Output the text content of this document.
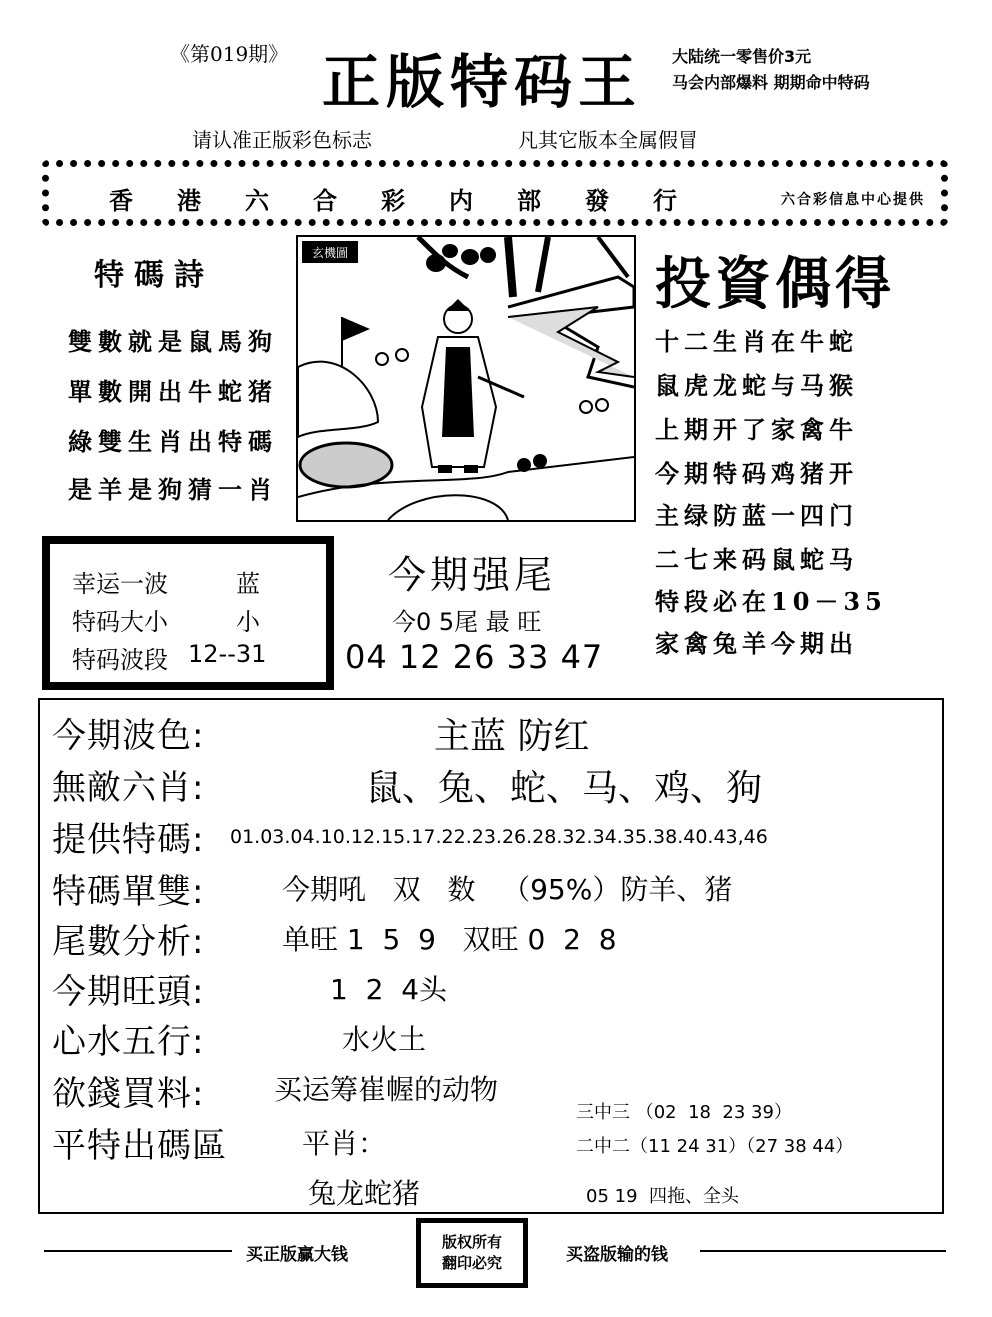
《第019期》 正版特码王 大陆统一零售价3元
马会内部爆料 期期命中特码
请认准正版彩色标志	凡其它版本全属假冒
香港六合彩内部發行	六合彩信息中心提供
特碼詩
雙數就是鼠馬狗
單數開出牛蛇猪
綠雙生肖出特碼
是羊是狗猜一肖
玄機圖	投資偶得
十二生肖在牛蛇
鼠虎龙蛇与马猴
上期开了家禽牛
今期特码鸡猪开
主绿防蓝一四门
二七来码鼠蛇马
特段必在10－35
家禽兔羊今期出
幸运一波	蓝
特码大小	小
特码波段 12--31
今期强尾
今0 5尾 最 旺
04 12 26 33 47
今期波色:	主蓝 防红
無敵六肖:	鼠、兔、蛇、马、鸡、狗
提供特碼: 01.03.04.10.12.15.17.22.23.26.28.32.34.35.38.40.43,46
特碼單雙:	今期吼   双   数   （95%）防羊、猪
尾數分析:	单旺 1  5  9   双旺 0  2  8
今期旺頭:	1  2  4头
心水五行:	水火土
欲錢買料: 买运筹崔幄的动物
平特出碼區	平肖：
兔龙蛇猪
三中三 （02  18  23 39）
二中二（11 24 31）（27 38 44）
05 19  四拖、全头
买正版赢大钱
版权所有
翻印必究	买盗版输的钱
